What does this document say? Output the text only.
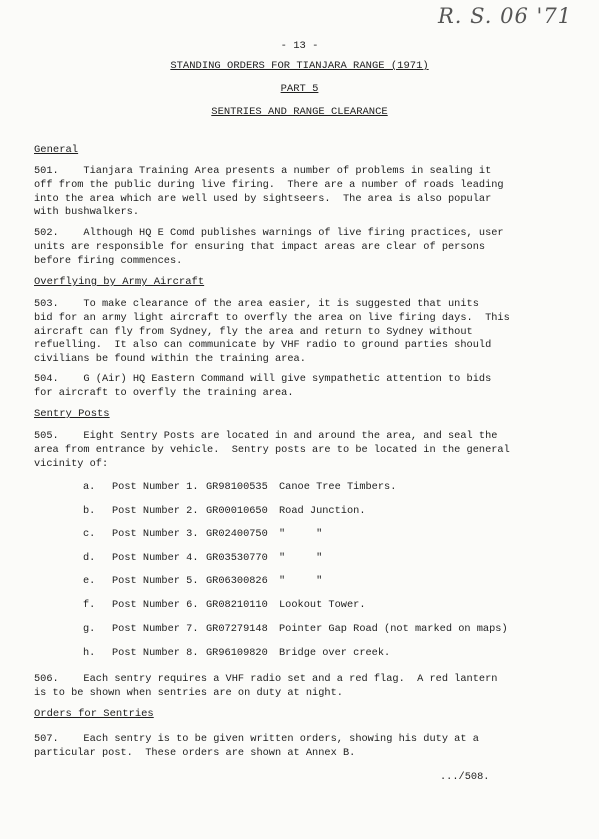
R. S. 06 '71
- 13 -
STANDING ORDERS FOR TIANJARA RANGE (1971)
PART 5
SENTRIES AND RANGE CLEARANCE
General
501.    Tianjara Training Area presents a number of problems in sealing it
off from the public during live firing.  There are a number of roads leading
into the area which are well used by sightseers.  The area is also popular
with bushwalkers.
502.    Although HQ E Comd publishes warnings of live firing practices, user
units are responsible for ensuring that impact areas are clear of persons
before firing commences.
Overflying by Army Aircraft
503.    To make clearance of the area easier, it is suggested that units
bid for an army light aircraft to overfly the area on live firing days.  This
aircraft can fly from Sydney, fly the area and return to Sydney without
refuelling.  It also can communicate by VHF radio to ground parties should
civilians be found within the training area.
504.    G (Air) HQ Eastern Command will give sympathetic attention to bids
for aircraft to overfly the training area.
Sentry Posts
505.    Eight Sentry Posts are located in and around the area, and seal the
area from entrance by vehicle.  Sentry posts are to be located in the general
vicinity of:
a. Post Number 1. GR98100535 Canoe Tree Timbers.
b. Post Number 2. GR00010650 Road Junction.
c. Post Number 3. GR02400750 "     "
d. Post Number 4. GR03530770 "     "
e. Post Number 5. GR06300826 "     "
f. Post Number 6. GR08210110 Lookout Tower.
g. Post Number 7. GR07279148 Pointer Gap Road (not marked on maps)
h. Post Number 8. GR96109820 Bridge over creek.
506.    Each sentry requires a VHF radio set and a red flag.  A red lantern
is to be shown when sentries are on duty at night.
Orders for Sentries
507.    Each sentry is to be given written orders, showing his duty at a
particular post.  These orders are shown at Annex B.
.../508.
